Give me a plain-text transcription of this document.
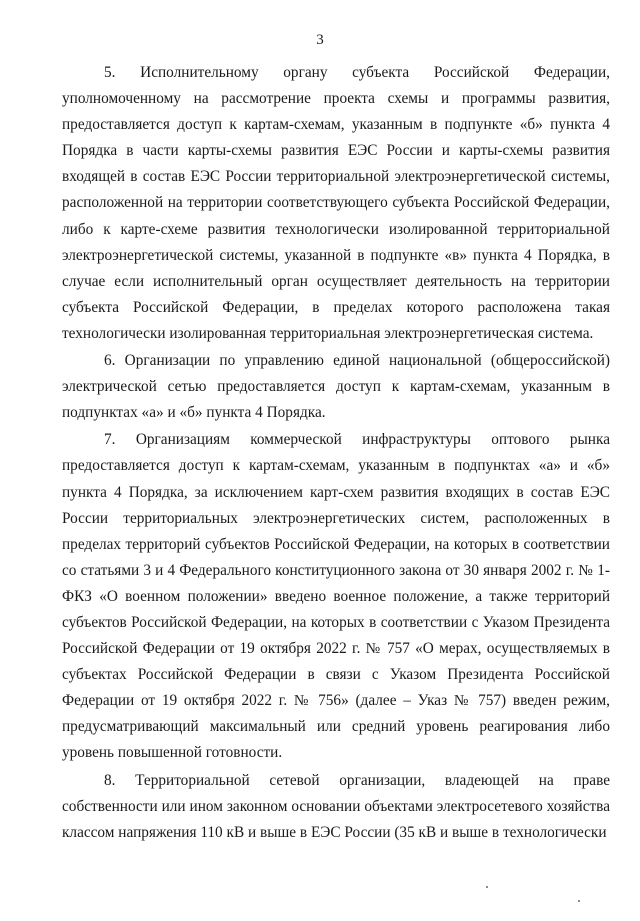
3

5. Исполнительному органу субъекта Российской Федерации, уполномоченному на рассмотрение проекта схемы и программы развития, предоставляется доступ к картам-схемам, указанным в подпункте «б» пункта 4 Порядка в части карты-схемы развития ЕЭС России и карты-схемы развития входящей в состав ЕЭС России территориальной электроэнергетической системы, расположенной на территории соответствующего субъекта Российской Федерации, либо к карте-схеме развития технологически изолированной территориальной электроэнергетической системы, указанной в подпункте «в» пункта 4 Порядка, в случае если исполнительный орган осуществляет деятельность на территории субъекта Российской Федерации, в пределах которого расположена такая технологически изолированная территориальная электроэнергетическая система.

6. Организации по управлению единой национальной (общероссийской) электрической сетью предоставляется доступ к картам-схемам, указанным в подпунктах «а» и «б» пункта 4 Порядка.

7. Организациям коммерческой инфраструктуры оптового рынка предоставляется доступ к картам-схемам, указанным в подпунктах «а» и «б» пункта 4 Порядка, за исключением карт-схем развития входящих в состав ЕЭС России территориальных электроэнергетических систем, расположенных в пределах территорий субъектов Российской Федерации, на которых в соответствии со статьями 3 и 4 Федерального конституционного закона от 30 января 2002 г. № 1-ФКЗ «О военном положении» введено военное положение, а также территорий субъектов Российской Федерации, на которых в соответствии с Указом Президента Российской Федерации от 19 октября 2022 г. № 757 «О мерах, осуществляемых в субъектах Российской Федерации в связи с Указом Президента Российской Федерации от 19 октября 2022 г. № 756» (далее – Указ № 757) введен режим, предусматривающий максимальный или средний уровень реагирования либо уровень повышенной готовности.

8. Территориальной сетевой организации, владеющей на праве собственности или ином законном основании объектами электросетевого хозяйства классом напряжения 110 кВ и выше в ЕЭС России (35 кВ и выше в технологически
